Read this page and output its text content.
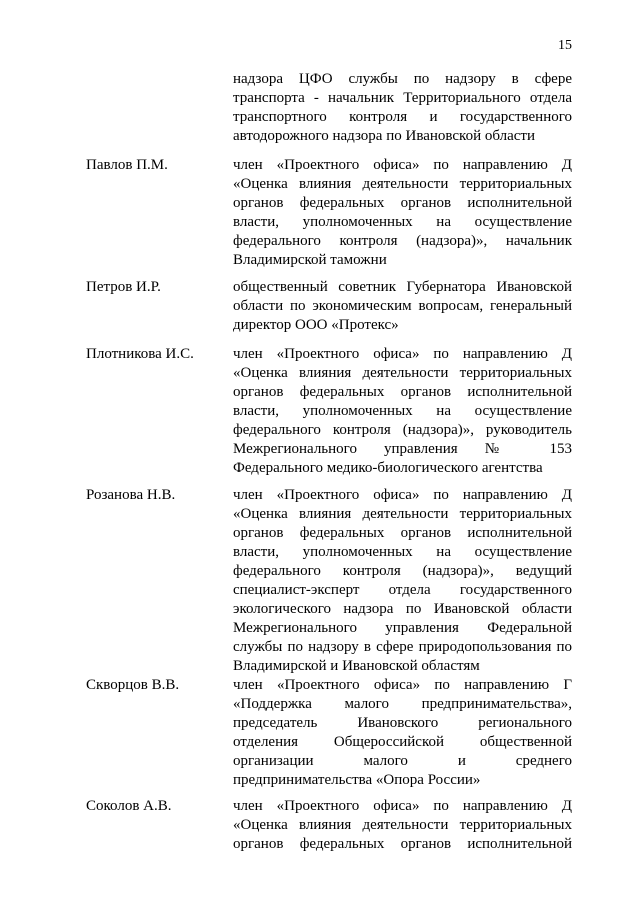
15
надзора ЦФО службы по надзору в сфере
транспорта - начальник Территориального отдела
транспортного контроля и государственного
автодорожного надзора по Ивановской области
Павлов П.М.	член «Проектного офиса» по направлению Д
«Оценка влияния деятельности территориальных
органов федеральных органов исполнительной
власти, уполномоченных на осуществление
федерального контроля (надзора)», начальник
Владимирской таможни
Петров И.Р.	общественный советник Губернатора Ивановской
области по экономическим вопросам, генеральный
директор ООО «Протекс»
Плотникова И.С.	член «Проектного офиса» по направлению Д
«Оценка влияния деятельности территориальных
органов федеральных органов исполнительной
власти, уполномоченных на осуществление
федерального контроля (надзора)», руководитель
Межрегионального управления № 153
Федерального медико-биологического агентства
Розанова Н.В.	член «Проектного офиса» по направлению Д
«Оценка влияния деятельности территориальных
органов федеральных органов исполнительной
власти, уполномоченных на осуществление
федерального контроля (надзора)», ведущий
специалист-эксперт отдела государственного
экологического надзора по Ивановской области
Межрегионального управления Федеральной
службы по надзору в сфере природопользования по
Владимирской и Ивановской областям
Скворцов В.В.	член «Проектного офиса» по направлению Г
«Поддержка малого предпринимательства»,
председатель Ивановского регионального
отделения Общероссийской общественной
организации малого и среднего
предпринимательства «Опора России»
Соколов А.В.	член «Проектного офиса» по направлению Д
«Оценка влияния деятельности территориальных
органов федеральных органов исполнительной
